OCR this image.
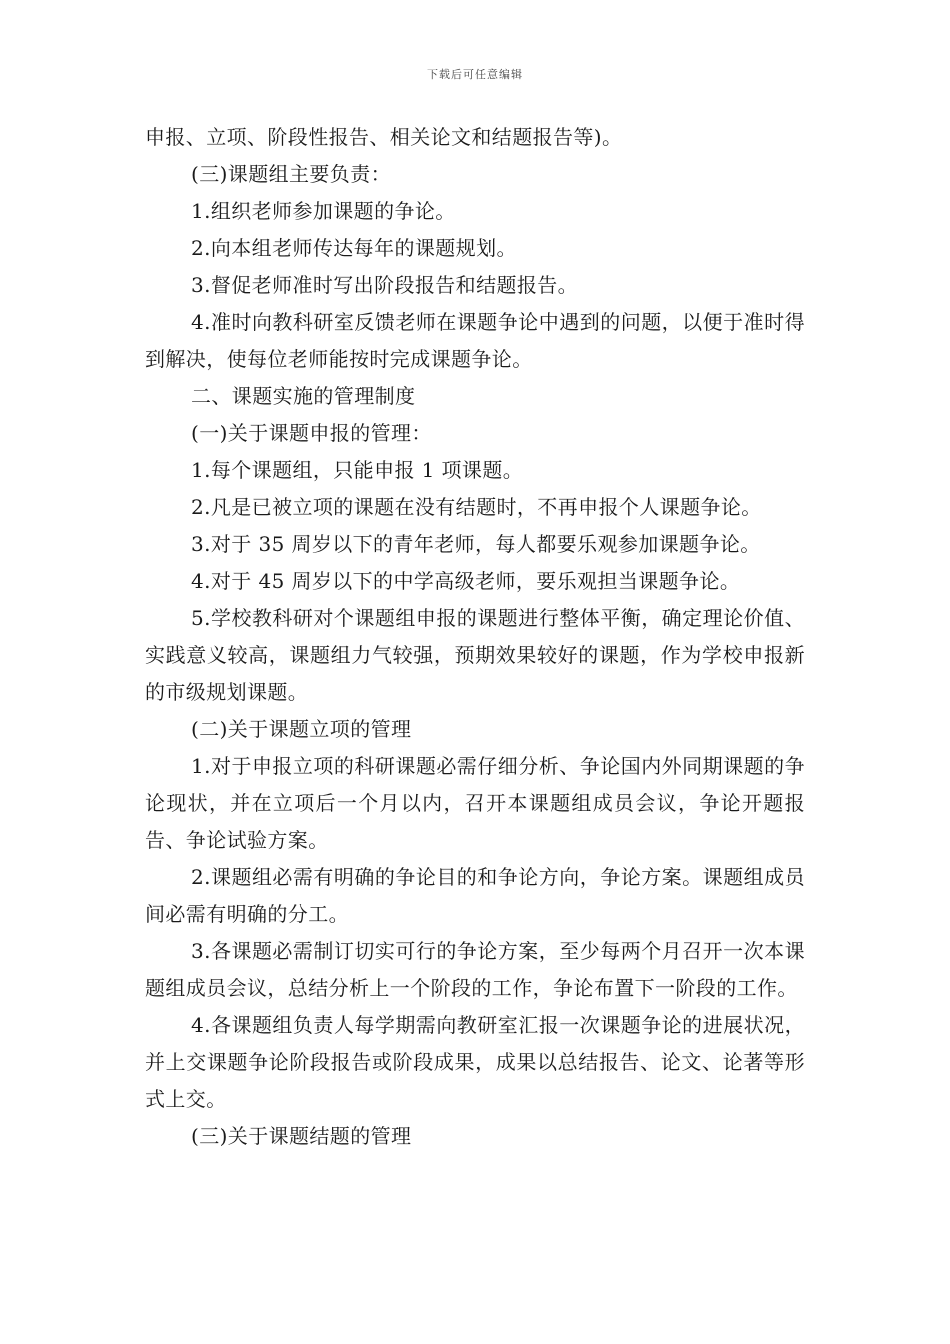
下载后可任意编辑

申报、立项、阶段性报告、相关论文和结题报告等)。

(三)课题组主要负责：

1.组织老师参加课题的争论。

2.向本组老师传达每年的课题规划。

3.督促老师准时写出阶段报告和结题报告。

4.准时向教科研室反馈老师在课题争论中遇到的问题，以便于准时得到解决，使每位老师能按时完成课题争论。

二、课题实施的管理制度

(一)关于课题申报的管理：

1.每个课题组，只能申报 1 项课题。

2.凡是已被立项的课题在没有结题时，不再申报个人课题争论。

3.对于 35 周岁以下的青年老师，每人都要乐观参加课题争论。

4.对于 45 周岁以下的中学高级老师，要乐观担当课题争论。

5.学校教科研对个课题组申报的课题进行整体平衡，确定理论价值、实践意义较高，课题组力气较强，预期效果较好的课题，作为学校申报新的市级规划课题。

(二)关于课题立项的管理

1.对于申报立项的科研课题必需仔细分析、争论国内外同期课题的争论现状，并在立项后一个月以内，召开本课题组成员会议，争论开题报告、争论试验方案。

2.课题组必需有明确的争论目的和争论方向，争论方案。课题组成员间必需有明确的分工。

3.各课题必需制订切实可行的争论方案，至少每两个月召开一次本课题组成员会议，总结分析上一个阶段的工作，争论布置下一阶段的工作。

4.各课题组负责人每学期需向教研室汇报一次课题争论的进展状况，并上交课题争论阶段报告或阶段成果，成果以总结报告、论文、论著等形式上交。

(三)关于课题结题的管理
